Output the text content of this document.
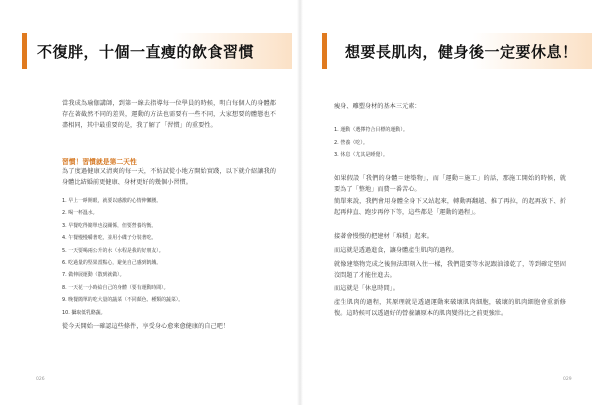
不復胖，十個一直瘦的飲食習慣

當我成為瑜伽講師，到第一線去指導每一位學員的時候，明白每個人的身體都存在著截然不同的差異，運動的方法也需要有一些不同，大家想要的體態也不盡相同，其中最重要的是，我了解了「習慣」的重要性。

習慣！習慣就是第二天性

為了度過健康又清爽的每一天，不妨試從小地方開始實踐，以下就介紹讓我的身體比結婚前更健康、身材更好的幾個小習慣。

1. 早上一睜開眼，就要以感激的心情伸懶腰。
2. 喝一杯溫水。
3. 早餐吃得簡單也沒關係，但要營養均衡。
4. 午餐慢慢嚼著吃，並用小碟子分裝著吃。
5. 一天要喝兩公升的水（水程是我的好朋友）。
6. 吃過量的堅果當點心，避免自己感到飢餓。
7. 做伸展運動（散到就做）。
8. 一天花一小時給自己的身體（要有運動時間）。
9. 晚餐簡單的吃大量的蔬菜（不同顏色、種類的蔬菜）。
10. 攝取低乳酪蔬。

從今天開始一確認這些條件，享受身心愈來愈健康的自己吧！

026
想要長肌肉，健身後一定要休息！

瘦身、雕塑身材的基本三元素：

1. 運動（選擇符合目標的運動）。
2. 營養（吃）。
3. 休息（尤其是睡覺）。

如果假設「我們的身體＝建築物」，而「運動＝施工」的話，那施工開始的時候，就要為了「整地」而費一番苦心。

簡單來說，我們會用身體全身下又站起來，轉動再翻越、推了再拉，的起再放下、折起再伸直、跑步再停下等，這些都是「運動的過程」。

接著會慢慢的把建材「堆積」起來。

而這就是透過進食，讓身體產生肌肉的過程。

就像建築物完成之後無法即刻入住一樣，我們還要等水泥跟油漆乾了，等到確定堅固沒問題了才能住進去。

而這就是「休息時間」。

產生肌肉的過程，其原理就是透過運動來破壞肌肉細胞，破壞的肌肉細胞會重新修復。這時候可以透過好的營養讓原本的肌肉變得比之前更強壯。

029
